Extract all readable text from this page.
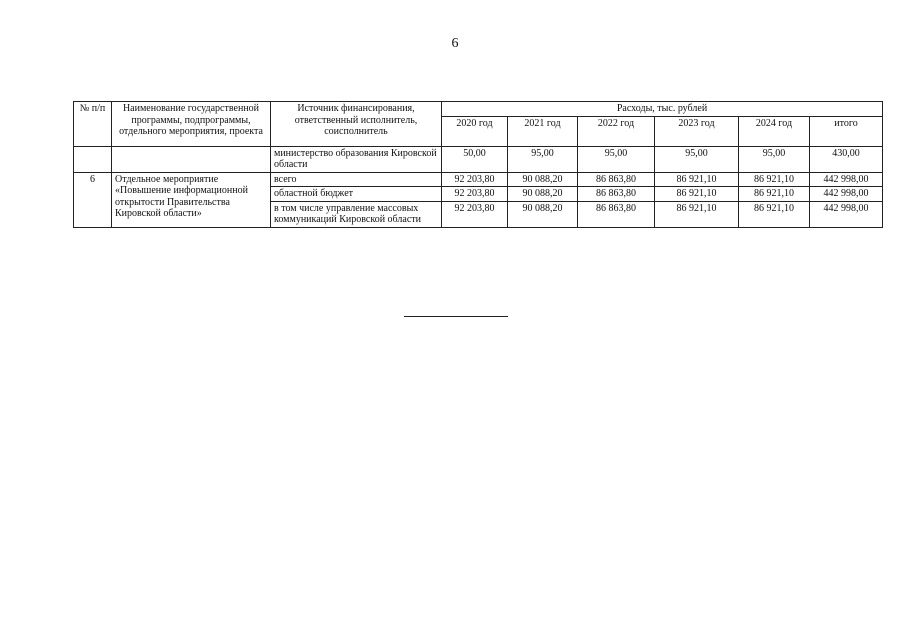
6
№ п/п	Наименование государственной программы, подпрограммы, отдельного мероприятия, проекта	Источник финансирования, ответственный исполнитель, соисполнитель	Расходы, тыс. рублей					
			2020 год	2021 год	2022 год	2023 год	2024 год	итого
		министерство образования Кировской области	50,00	95,00	95,00	95,00	95,00	430,00
6	Отдельное мероприятие «Повышение информационной открытости Правительства Кировской области»	всего	92 203,80	90 088,20	86 863,80	86 921,10	86 921,10	442 998,00
		областной бюджет	92 203,80	90 088,20	86 863,80	86 921,10	86 921,10	442 998,00
		в том числе управление массовых коммуникаций Кировской области	92 203,80	90 088,20	86 863,80	86 921,10	86 921,10	442 998,00
